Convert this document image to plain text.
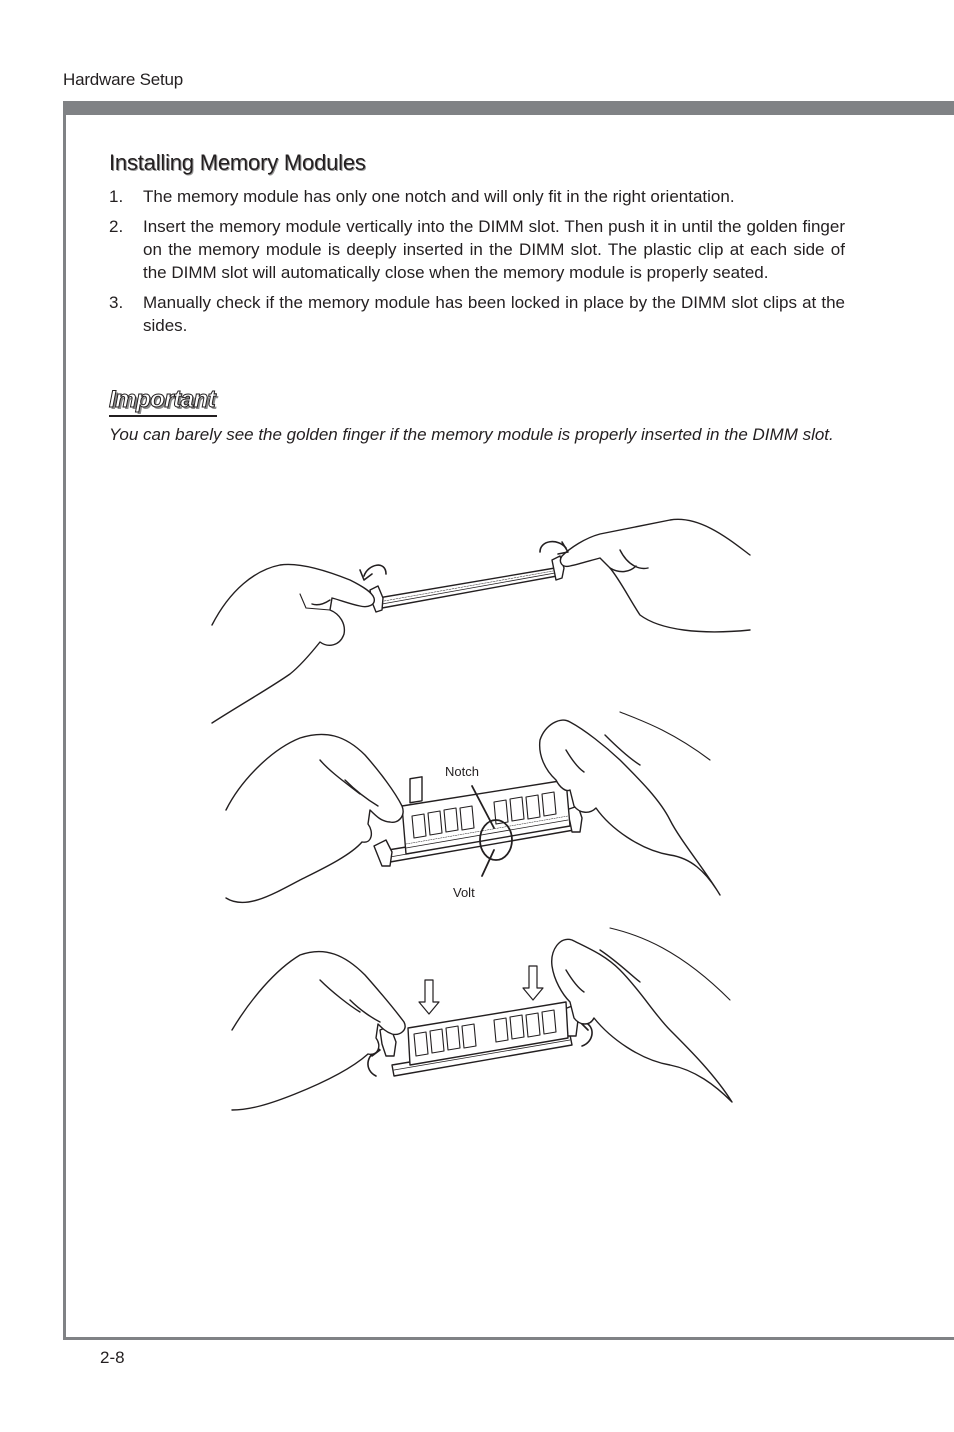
Hardware Setup
Installing Memory Modules
1.	The memory module has only one notch and will only fit in the right orientation.
2.	Insert the memory module vertically into the DIMM slot. Then push it in until the golden finger on the memory module is deeply inserted in the DIMM slot. The plastic clip at each side of the DIMM slot will automatically close when the memory module is properly seated.
3.	Manually check if the memory module has been locked in place by the DIMM slot clips at the sides.
Important

You can barely see the golden finger if the memory module is properly inserted in the DIMM slot.

Notch
Volt
2-8
